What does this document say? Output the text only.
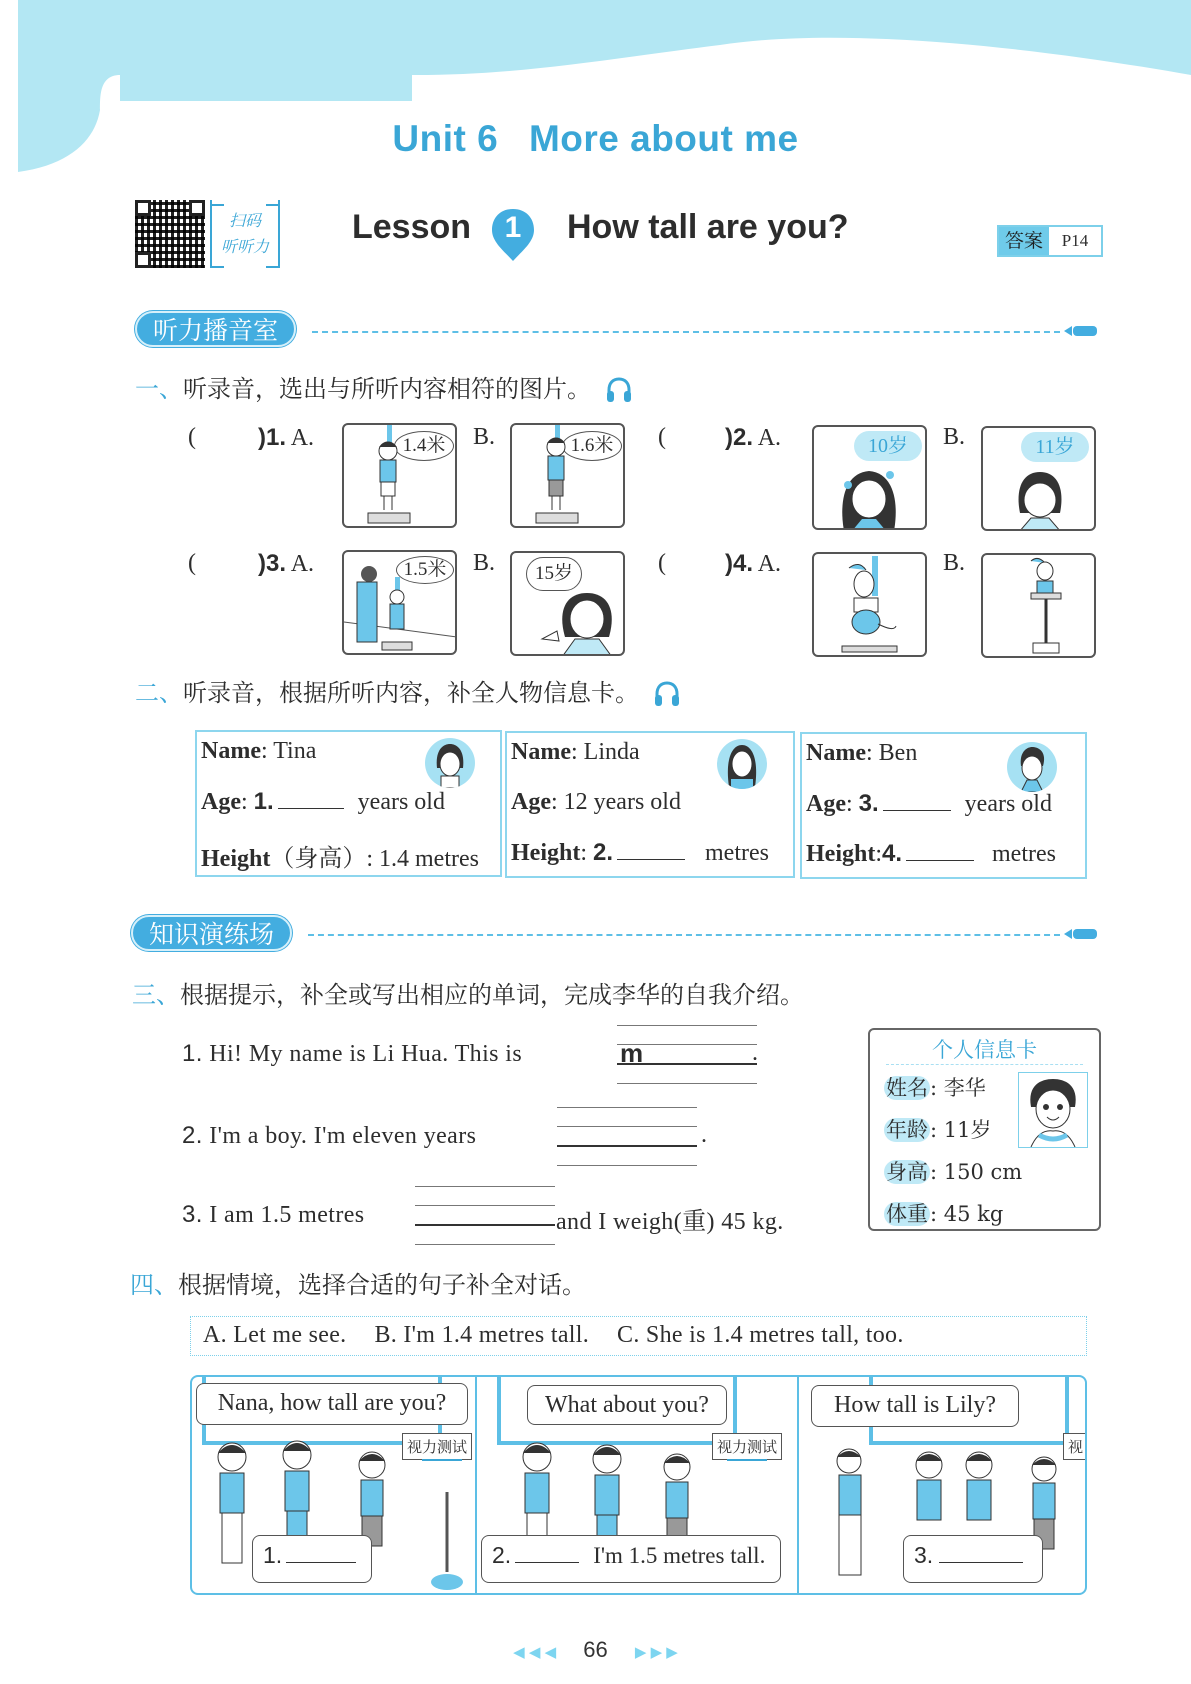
Unit 6 More about me
扫码
听听力
Lesson	1	How tall are you?	答案	P14
听力播音室
一、听录音，选出与所听内容相符的图片。
(	)1. A.	1.4米	B.	1.6米	( )2. A.	10岁	B.	11岁
(	)3. A.	1.5米	B.	15岁	( )4. A.	B.
二、听录音，根据所听内容，补全人物信息卡。
Name: Tina
Age: 1.	years old
Height（身高）: 1.4 metres
Name: Linda
Age: 12 years old
Height: 2.	metres
Name: Ben
Age: 3.	years old
Height:4.	metres
知识演练场
三、根据提示，补全或写出相应的单词，完成李华的自我介绍。
1. Hi! My name is Li Hua. This is	m	.
2. I'm a boy. I'm eleven years	.
3. I am 1.5 metres	and I weigh(重) 45 kg.
个人信息卡
姓名: 李华
年龄: 11岁
身高: 150 cm
体重: 45 kg
四、根据情境，选择合适的句子补全对话。
A. Let me see. B. I'm 1.4 metres tall. C. She is 1.4 metres tall, too.
Nana, how tall are you?
视力测试
1.
What about you?
视力测试
2.	I'm 1.5 metres tall.
How tall is Lily?
视
3.
◀ ◀ ◀ 66 ▶ ▶ ▶
